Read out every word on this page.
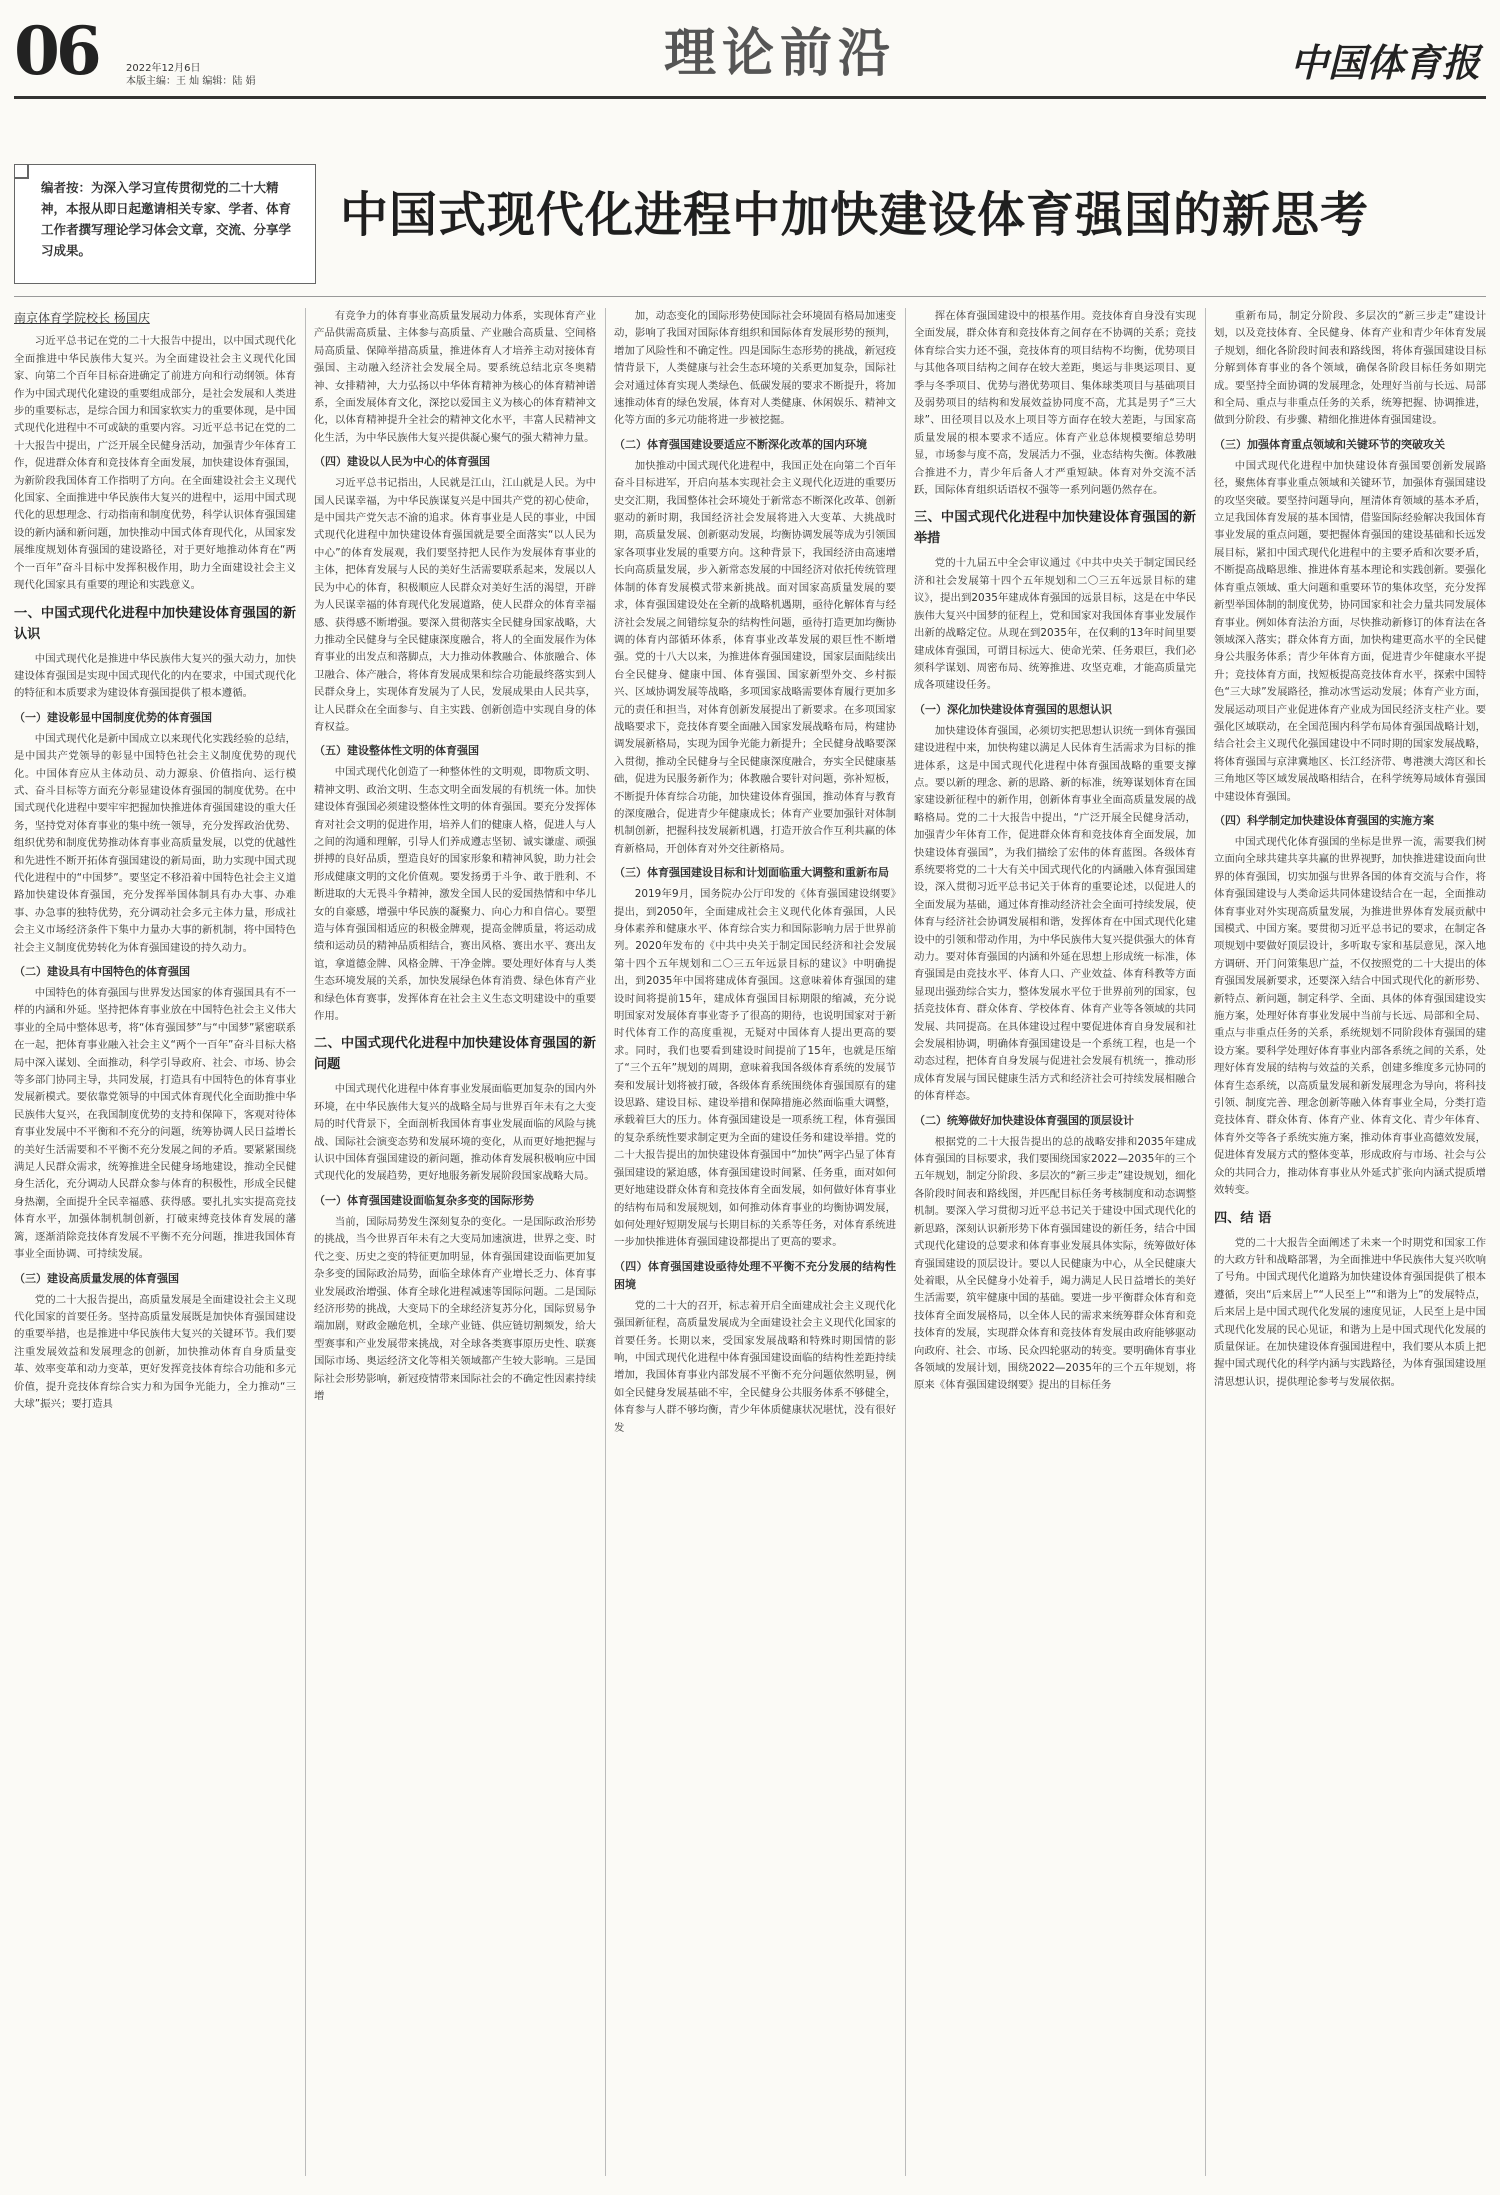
06	2022年12月6日
本版主编：王 灿 编辑：陆 娟	理论前沿	中国体育报

编者按：为深入学习宣传贯彻党的二十大精神，本报从即日起邀请相关专家、学者、体育工作者撰写理论学习体会文章，交流、分享学习成果。

中国式现代化进程中加快建设体育强国的新思考
南京体育学院校长 杨国庆

习近平总书记在党的二十大报告中提出，以中国式现代化全面推进中华民族伟大复兴。为全面建设社会主义现代化国家、向第二个百年目标奋进确定了前进方向和行动纲领。体育作为中国式现代化建设的重要组成部分，是社会发展和人类进步的重要标志，是综合国力和国家软实力的重要体现，是中国式现代化进程中不可或缺的重要内容。习近平总书记在党的二十大报告中提出，广泛开展全民健身活动，加强青少年体育工作，促进群众体育和竞技体育全面发展，加快建设体育强国，为新阶段我国体育工作指明了方向。在全面建设社会主义现代化国家、全面推进中华民族伟大复兴的进程中，运用中国式现代化的思想理念、行动指南和制度优势，科学认识体育强国建设的新内涵和新问题，加快推动中国式体育现代化，从国家发展维度规划体育强国的建设路径，对于更好地推动体育在“两个一百年”奋斗目标中发挥积极作用，助力全面建设社会主义现代化国家具有重要的理论和实践意义。

一、中国式现代化进程中加快建设体育强国的新认识

中国式现代化是推进中华民族伟大复兴的强大动力，加快建设体育强国是实现中国式现代化的内在要求，中国式现代化的特征和本质要求为建设体育强国提供了根本遵循。

（一）建设彰显中国制度优势的体育强国

中国式现代化是新中国成立以来现代化实践经验的总结，是中国共产党领导的彰显中国特色社会主义制度优势的现代化。中国体育应从主体动员、动力源泉、价值指向、运行模式、奋斗目标等方面充分彰显建设体育强国的制度优势。在中国式现代化进程中要牢牢把握加快推进体育强国建设的重大任务，坚持党对体育事业的集中统一领导，充分发挥政治优势、组织优势和制度优势推动体育事业高质量发展，以党的优越性和先进性不断开拓体育强国建设的新局面，助力实现中国式现代化进程中的“中国梦”。要坚定不移沿着中国特色社会主义道路加快建设体育强国，充分发挥举国体制具有办大事、办难事、办急事的独特优势，充分调动社会多元主体力量，形成社会主义市场经济条件下集中力量办大事的新机制，将中国特色社会主义制度优势转化为体育强国建设的持久动力。

（二）建设具有中国特色的体育强国

中国特色的体育强国与世界发达国家的体育强国具有不一样的内涵和外延。坚持把体育事业放在中国特色社会主义伟大事业的全局中整体思考，将“体育强国梦”与“中国梦”紧密联系在一起，把体育事业融入社会主义“两个一百年”奋斗目标大格局中深入谋划、全面推动，科学引导政府、社会、市场、协会等多部门协同主导，共同发展，打造具有中国特色的体育事业发展新模式。要依靠党领导的中国式体育现代化全面助推中华民族伟大复兴，在我国制度优势的支持和保障下，客观对待体育事业发展中不平衡和不充分的问题，统筹协调人民日益增长的美好生活需要和不平衡不充分发展之间的矛盾。要紧紧围绕满足人民群众需求，统筹推进全民健身场地建设，推动全民健身生活化，充分调动人民群众参与体育的积极性，形成全民健身热潮，全面提升全民幸福感、获得感。要扎扎实实提高竞技体育水平，加强体制机制创新，打破束缚竞技体育发展的藩篱，逐渐消除竞技体育发展不平衡不充分问题，推进我国体育事业全面协调、可持续发展。

（三）建设高质量发展的体育强国

党的二十大报告提出，高质量发展是全面建设社会主义现代化国家的首要任务。坚持高质量发展既是加快体育强国建设的重要举措，也是推进中华民族伟大复兴的关键环节。我们要注重发展效益和发展理念的创新，加快推动体育自身质量变革、效率变革和动力变革，更好发挥竞技体育综合功能和多元价值，提升竞技体育综合实力和为国争光能力，全力推动“三大球”振兴；要打造具

有竞争力的体育事业高质量发展动力体系，实现体育产业产品供需高质量、主体参与高质量、产业融合高质量、空间格局高质量、保障举措高质量，推进体育人才培养主动对接体育强国、主动融入经济社会发展全局。要系统总结北京冬奥精神、女排精神，大力弘扬以中华体育精神为核心的体育精神谱系，全面发展体育文化，深挖以爱国主义为核心的体育精神文化，以体育精神提升全社会的精神文化水平，丰富人民精神文化生活，为中华民族伟大复兴提供凝心聚气的强大精神力量。

（四）建设以人民为中心的体育强国

习近平总书记指出，人民就是江山，江山就是人民。为中国人民谋幸福，为中华民族谋复兴是中国共产党的初心使命，是中国共产党矢志不渝的追求。体育事业是人民的事业，中国式现代化进程中加快建设体育强国就是要全面落实“以人民为中心”的体育发展观，我们要坚持把人民作为发展体育事业的主体，把体育发展与人民的美好生活需要联系起来，发展以人民为中心的体育，积极顺应人民群众对美好生活的渴望，开辟为人民谋幸福的体育现代化发展道路，使人民群众的体育幸福感、获得感不断增强。要深入贯彻落实全民健身国家战略，大力推动全民健身与全民健康深度融合，将人的全面发展作为体育事业的出发点和落脚点，大力推动体教融合、体旅融合、体卫融合、体产融合，将体育发展成果和综合功能最终落实到人民群众身上，实现体育发展为了人民，发展成果由人民共享，让人民群众在全面参与、自主实践、创新创造中实现自身的体育权益。

（五）建设整体性文明的体育强国

中国式现代化创造了一种整体性的文明观，即物质文明、精神文明、政治文明、生态文明全面发展的有机统一体。加快建设体育强国必须建设整体性文明的体育强国。要充分发挥体育对社会文明的促进作用，培养人们的健康人格，促进人与人之间的沟通和理解，引导人们养成遵志坚韧、诚实谦虚、顽强拼搏的良好品质，塑造良好的国家形象和精神风貌，助力社会形成健康文明的文化价值观。要发扬勇于斗争、敢于胜利、不断进取的大无畏斗争精神，激发全国人民的爱国热情和中华儿女的自豪感，增强中华民族的凝聚力、向心力和自信心。要塑造与体育强国相适应的积极金牌观，提高金牌质量，将运动成绩和运动员的精神品质相结合，赛出风格、赛出水平、赛出友谊，拿道德金牌、风格金牌、干净金牌。要处理好体育与人类生态环境发展的关系，加快发展绿色体育消费、绿色体育产业和绿色体育赛事，发挥体育在社会主义生态文明建设中的重要作用。

二、中国式现代化进程中加快建设体育强国的新问题

中国式现代化进程中体育事业发展面临更加复杂的国内外环境，在中华民族伟大复兴的战略全局与世界百年未有之大变局的时代背景下，全面剖析我国体育事业发展面临的风险与挑战、国际社会演变态势和发展环境的变化，从而更好地把握与认识中国体育强国建设的新问题，推动体育发展积极响应中国式现代化的发展趋势，更好地服务新发展阶段国家战略大局。

（一）体育强国建设面临复杂多变的国际形势

当前，国际局势发生深刻复杂的变化。一是国际政治形势的挑战，当今世界百年未有之大变局加速演进，世界之变、时代之变、历史之变的特征更加明显，体育强国建设面临更加复杂多变的国际政治局势，面临全球体育产业增长乏力、体育事业发展政治增强、体育全球化进程减速等国际问题。二是国际经济形势的挑战，大变局下的全球经济复苏分化，国际贸易争端加剧，财政金融危机，全球产业链、供应链切割频发，给大型赛事和产业发展带来挑战，对全球各类赛事原历史性、联赛国际市场、奥运经济文化等相关领域都产生较大影响。三是国际社会形势影响，新冠疫情带来国际社会的不确定性因素持续增

加，动态变化的国际形势使国际社会环境固有格局加速变动，影响了我国对国际体育组织和国际体育发展形势的预判，增加了风险性和不确定性。四是国际生态形势的挑战，新冠疫情背景下，人类健康与社会生态环境的关系更加复杂，国际社会对通过体育实现人类绿色、低碳发展的要求不断提升，将加速推动体育的绿色发展，体育对人类健康、休闲娱乐、精神文化等方面的多元功能将进一步被挖掘。

（二）体育强国建设要适应不断深化改革的国内环境

加快推动中国式现代化进程中，我国正处在向第二个百年奋斗目标进军，开启向基本实现社会主义现代化迈进的重要历史交汇期，我国整体社会环境处于新常态不断深化改革、创新驱动的新时期，我国经济社会发展将进入大变革、大挑战时期，高质量发展、创新驱动发展，均衡协调发展等成为引领国家各项事业发展的重要方向。这种背景下，我国经济由高速增长向高质量发展，步入新常态发展的中国经济对依托传统管理体制的体育发展模式带来新挑战。面对国家高质量发展的要求，体育强国建设处在全新的战略机遇期，亟待化解体育与经济社会发展之间错综复杂的结构性问题，亟待打造更加均衡协调的体育内部循环体系，体育事业改革发展的艰巨性不断增强。党的十八大以来，为推进体育强国建设，国家层面陆续出台全民健身、健康中国、体育强国、国家新型外交、乡村振兴、区域协调发展等战略，多项国家战略需要体育履行更加多元的责任和担当，对体育创新发展提出了新要求。在多项国家战略要求下，竞技体育要全面融入国家发展战略布局，构建协调发展新格局，实现为国争光能力新提升；全民健身战略要深入贯彻，推动全民健身与全民健康深度融合，夯实全民健康基础，促进为民服务新作为；体教融合要针对问题，弥补短板，不断提升体育综合功能，加快建设体育强国，推动体育与教育的深度融合，促进青少年健康成长；体育产业要加强针对体制机制创新，把握科技发展新机遇，打造开放合作互利共赢的体育新格局，开创体育对外交往新格局。

（三）体育强国建设目标和计划面临重大调整和重新布局

2019年9月，国务院办公厅印发的《体育强国建设纲要》提出，到2050年，全面建成社会主义现代化体育强国，人民身体素养和健康水平、体育综合实力和国际影响力居于世界前列。2020年发布的《中共中央关于制定国民经济和社会发展第十四个五年规划和二〇三五年远景目标的建议》中明确提出，到2035年中国将建成体育强国。这意味着体育强国的建设时间将提前15年，建成体育强国目标期限的缩减，充分说明国家对发展体育事业寄予了很高的期待，也说明国家对于新时代体育工作的高度重视，无疑对中国体育人提出更高的要求。同时，我们也要看到建设时间提前了15年，也就是压缩了“三个五年”规划的周期，意味着我国各级体育系统的发展节奏和发展计划将被打破，各级体育系统围绕体育强国原有的建设思路、建设目标、建设举措和保障措施必然面临重大调整，承载着巨大的压力。体育强国建设是一项系统工程，体育强国的复杂系统性要求制定更为全面的建设任务和建设举措。党的二十大报告提出的加快建设体育强国中“加快”两字凸显了体育强国建设的紧迫感，体育强国建设时间紧、任务重，面对如何更好地建设群众体育和竞技体育全面发展，如何做好体育事业的结构布局和发展规划，如何推动体育事业的均衡协调发展，如何处理好短期发展与长期目标的关系等任务，对体育系统进一步加快推进体育强国建设都提出了更高的要求。

（四）体育强国建设亟待处理不平衡不充分发展的结构性困境

党的二十大的召开，标志着开启全面建成社会主义现代化强国新征程，高质量发展成为全面建设社会主义现代化国家的首要任务。长期以来，受国家发展战略和特殊时期国情的影响，中国式现代化进程中体育强国建设面临的结构性差距持续增加，我国体育事业内部发展不平衡不充分问题依然明显，例如全民健身发展基础不牢，全民健身公共服务体系不够健全，体育参与人群不够均衡，青少年体质健康状况堪忧，没有很好发

挥在体育强国建设中的根基作用。竞技体育自身没有实现全面发展，群众体育和竞技体育之间存在不协调的关系；竞技体育综合实力还不强，竞技体育的项目结构不均衡，优势项目与其他各项目结构之间存在较大差距，奥运与非奥运项目、夏季与冬季项目、优势与潜优势项目、集体球类项目与基础项目及弱势项目的结构和发展效益协同度不高，尤其是男子“三大球”、田径项目以及水上项目等方面存在较大差距，与国家高质量发展的根本要求不适应。体育产业总体规模要缩总势明显，市场参与度不高，发展活力不强，业态结构失衡。体教融合推进不力，青少年后备人才严重短缺。体育对外交流不活跃，国际体育组织话语权不强等一系列问题仍然存在。

三、中国式现代化进程中加快建设体育强国的新举措

党的十九届五中全会审议通过《中共中央关于制定国民经济和社会发展第十四个五年规划和二〇三五年远景目标的建议》，提出到2035年建成体育强国的远景目标，这是在中华民族伟大复兴中国梦的征程上，党和国家对我国体育事业发展作出新的战略定位。从现在到2035年，在仅剩的13年时间里要建成体育强国，可谓目标远大、使命光荣、任务艰巨，我们必须科学谋划、周密布局、统筹推进、攻坚克难，才能高质量完成各项建设任务。

（一）深化加快建设体育强国的思想认识

加快建设体育强国，必须切实把思想认识统一到体育强国建设进程中来，加快构建以满足人民体育生活需求为目标的推进体系，这是中国式现代化进程中体育强国战略的重要支撑点。要以新的理念、新的思路、新的标准，统筹谋划体育在国家建设新征程中的新作用，创新体育事业全面高质量发展的战略格局。党的二十大报告中提出，“广泛开展全民健身活动，加强青少年体育工作，促进群众体育和竞技体育全面发展，加快建设体育强国”，为我们描绘了宏伟的体育蓝图。各级体育系统要将党的二十大有关中国式现代化的内涵融入体育强国建设，深入贯彻习近平总书记关于体育的重要论述，以促进人的全面发展为基础，通过体育推动经济社会全面可持续发展，使体育与经济社会协调发展相和谐，发挥体育在中国式现代化建设中的引领和带动作用，为中华民族伟大复兴提供强大的体育动力。要对体育强国的内涵和外延在思想上形成统一标准，体育强国是由竞技水平、体育人口、产业效益、体育科教等方面显现出强劲综合实力，整体发展水平位于世界前列的国家，包括竞技体育、群众体育、学校体育、体育产业等各领域的共同发展、共同提高。在具体建设过程中要促进体育自身发展和社会发展相协调，明确体育强国建设是一个系统工程，也是一个动态过程，把体育自身发展与促进社会发展有机统一，推动形成体育发展与国民健康生活方式和经济社会可持续发展相融合的体育样态。

（二）统筹做好加快建设体育强国的顶层设计

根据党的二十大报告提出的总的战略安排和2035年建成体育强国的目标要求，我们要围绕国家2022—2035年的三个五年规划，制定分阶段、多层次的“新三步走”建设规划，细化各阶段时间表和路线图，并匹配目标任务考核制度和动态调整机制。要深入学习贯彻习近平总书记关于建设中国式现代化的新思路，深刻认识新形势下体育强国建设的新任务，结合中国式现代化建设的总要求和体育事业发展具体实际，统筹做好体育强国建设的顶层设计。要以人民健康为中心，从全民健康大处着眼，从全民健身小处着手，竭力满足人民日益增长的美好生活需要，筑牢健康中国的基础。要进一步平衡群众体育和竞技体育全面发展格局，以全体人民的需求来统筹群众体育和竞技体育的发展，实现群众体育和竞技体育发展由政府能够驱动向政府、社会、市场、民众四轮驱动的转变。要明确体育事业各领域的发展计划，围绕2022—2035年的三个五年规划，将原来《体育强国建设纲要》提出的目标任务

重新布局，制定分阶段、多层次的“新三步走”建设计划，以及竞技体育、全民健身、体育产业和青少年体育发展子规划，细化各阶段时间表和路线图，将体育强国建设目标分解到体育事业的各个领域，确保各阶段目标任务如期完成。要坚持全面协调的发展理念，处理好当前与长远、局部和全局、重点与非重点任务的关系，统筹把握、协调推进，做到分阶段、有步骤、精细化推进体育强国建设。

（三）加强体育重点领域和关键环节的突破攻关

中国式现代化进程中加快建设体育强国要创新发展路径，聚焦体育事业重点领域和关键环节，加强体育强国建设的攻坚突破。要坚持问题导向，厘清体育领域的基本矛盾，立足我国体育发展的基本国情，借鉴国际经验解决我国体育事业发展的重点问题，要把握体育强国的建设基础和长远发展目标，紧扣中国式现代化进程中的主要矛盾和次要矛盾，不断提高战略思维、推进体育基本理论和实践创新。要强化体育重点领域、重大问题和重要环节的集体攻坚，充分发挥新型举国体制的制度优势，协同国家和社会力量共同发展体育事业。例如体育法治方面，尽快推动新修订的体育法在各领域深入落实；群众体育方面，加快构建更高水平的全民健身公共服务体系；青少年体育方面，促进青少年健康水平提升；竞技体育方面，找短板提高竞技体育水平，探索中国特色“三大球”发展路径，推动冰雪运动发展；体育产业方面，发展运动项目产业促进体育产业成为国民经济支柱产业。要强化区域联动，在全国范围内科学布局体育强国战略计划，结合社会主义现代化强国建设中不同时期的国家发展战略，将体育强国与京津冀地区、长江经济带、粤港澳大湾区和长三角地区等区域发展战略相结合，在科学统筹局域体育强国中建设体育强国。

（四）科学制定加快建设体育强国的实施方案

中国式现代化体育强国的坐标是世界一流，需要我们树立面向全球共建共享共赢的世界视野，加快推进建设面向世界的体育强国，切实加强与世界各国的体育交流与合作，将体育强国建设与人类命运共同体建设结合在一起，全面推动体育事业对外实现高质量发展，为推进世界体育发展贡献中国模式、中国方案。要贯彻习近平总书记的要求，在制定各项规划中要做好顶层设计，多听取专家和基层意见，深入地方调研、开门问策集思广益，不仅按照党的二十大提出的体育强国发展新要求，还要深入结合中国式现代化的新形势、新特点、新问题，制定科学、全面、具体的体育强国建设实施方案，处理好体育事业发展中当前与长远、局部和全局、重点与非重点任务的关系，系统规划不同阶段体育强国的建设方案。要科学处理好体育事业内部各系统之间的关系，处理好体育发展的结构与效益的关系，创建多维度多元协同的体育生态系统，以高质量发展和新发展理念为导向，将科技引领、制度完善、理念创新等融入体育事业全局，分类打造竞技体育、群众体育、体育产业、体育文化、青少年体育、体育外交等各子系统实施方案，推动体育事业高德效发展，促进体育发展方式的整体变革，形成政府与市场、社会与公众的共同合力，推动体育事业从外延式扩张向内涵式提质增效转变。

四、结 语

党的二十大报告全面阐述了未来一个时期党和国家工作的大政方针和战略部署，为全面推进中华民族伟大复兴吹响了号角。中国式现代化道路为加快建设体育强国提供了根本遵循，突出“后来居上”“人民至上”“和谐为上”的发展特点，后来居上是中国式现代化发展的速度见证，人民至上是中国式现代化发展的民心见证，和谐为上是中国式现代化发展的质量保证。在加快建设体育强国进程中，我们要从本质上把握中国式现代化的科学内涵与实践路径，为体育强国建设厘清思想认识，提供理论参考与发展依据。
